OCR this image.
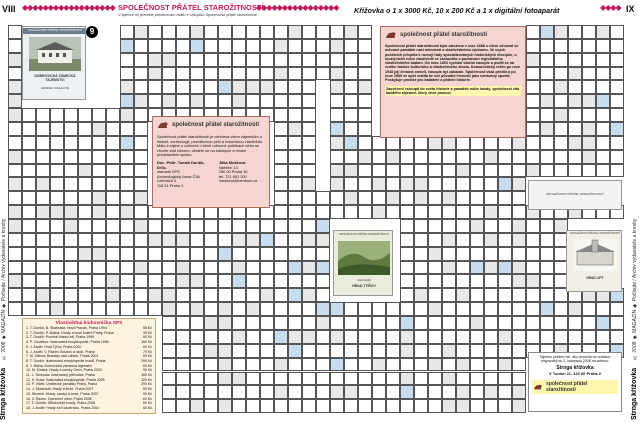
VIII ◆◆◆◆◆◆◆◆◆◆◆◆◆◆◆◆◆◆ SPOLEČNOST PŘÁTEL STAROŽITNOSTÍ
V tajence se přečtete pokračování citátu z časopisu Společnosti přátel starožitností
◆◆◆◆◆◆◆◆◆◆◆◆◆◆◆◆	Křížovka o 1 x 3000 Kč, 10 x 200 Kč a 1 x digitální fotoaparát	◆◆◆◆ IX
© 2008 ◆ MAGAZÍN ◆ Počkejte / Archiv vydavatele a kresby
Strnga křížovka
© 2008 ◆ MAGAZÍN ◆ Počkejte / Archiv vydavatele a kresby
Strnga křížovka
SPOLEČNOST PŘÁTEL STAROŽITNOSTÍ
DOBROVICKÁ ZÁMECKÁ TAJEMSTVÍ
HRADEC KRÁLOVÉ
9
společnost přátel starožitností
Společnost přátel starožitností je otevřena všem zájemcům o historii, archeologii, památkovou péči a historickou vlastivědu. Málo-li zájem o odborné i méně odborné publikace nebo se chcete stát členem, obraťte se na zástupce a místní představitele spolku.
Doc. PhDr. Tomáš Durdík, DrSc.
starosta SPS
Archeologický ústav ČAV
Letenská 4
118 01 Praha 1
Jitka Mošková
Nábřeží 13
150 00 Praha 10
tel. 721 801 200
moskova@centrum.cz
společnost přátel starožitností
Společnost přátel starožitností byla založena v roce 1888 s cílem věnovat se ochraně památek naší minulosti a vlastivědnému výzkumu. Ve svých počátcích přispěla k rozvoji řady specializovaných historických disciplín, o muzejnictví nebo vlastivědě se zasloužila o poznávání regionálního vlastivědného bádání. Od roku 1893 vychází vlastní časopis a podílí se na vzniku tradice kulturního a vlastivědného života. Komunistický režim po roce 1948 její činnost omezil, časopis byl zakázán. Společnost však přežila a po roce 1989 se opět vrátila ke své původní činnosti jako uznávaný spolek. Poskytuje prostor pro badatele a přátele historie.
Zasvěcení vstoupit do světa historie a památek může každý, společnost vítá každého zájemce, který chce pomoci.
SPOLEČNOST PŘÁTEL STAROŽITNOSTÍ
SPOLEČNOST PŘÁTEL STAROŽITNOSTÍ
HRAD LIPÝ
SPOLEČNOST PŘÁTEL STAROŽITNOSTÍ
Josef Anděl
HRAD TÝŘOV
Vlastivědná knihovnička SPS
1. T. Durdík, B. Škabrada: Hrad Pravda, Praha 1994	58 Kč
2. T. Durdík, P. Bolina: Hrady a tvrze kolem Prahy, Praha	99 Kč
3. T. Durdík: Pozdně hradní zdi, Praha 1999	80 Kč
4. P. Chotěbor: Ilustrovaná encyklopedie, Praha 1996	150 Kč
5. J. Anděl: Hrad Týřov, Praha 2000	60 Kč
6. J. Anděl, V. Razím: Bouzov a okolí, Praha	70 Kč
7. M. Ottová: Brandýs nad Labem, Praha 2001	69 Kč
8. T. Durdík: Ilustrovaná encyklopedie hradů, Praha	299 Kč
9. J. Bláha: Dobrovická zámecká tajemství	60 Kč
10. M. Kinská: Hrady a zámky Čech, Praha 2003	90 Kč
11. L. Svoboda: Ilustrovaný průvodce, Praha	150 Kč
12. K. Kuča: Ilustrovaná encyklopedie, Praha 2005	120 Kč
13. P. Vlček: Umělecké památky Prahy, Praha	299 Kč
14. J. Škabrada: Hrady a tvrze, Praha 2007	80 Kč
15. Sborník: Hrady, zámky a tvrze, Praha 2007	99 Kč
16. V. Razím: Opevnění měst, Praha 2008	60 Kč
17. T. Durdík: Středověké hrady, Praha 2008	69 Kč
18. J. Anděl: Hrady na Kokořínsku, Praha 2004	60 Kč
Tajenku pošlete tak, aby dorazila do redakce nejpozději do 2. listopadu 2008 na adresu:
Strnga křížovka
V Tunich 11, 120 00 Praha 2
společnost přátel starožitností
